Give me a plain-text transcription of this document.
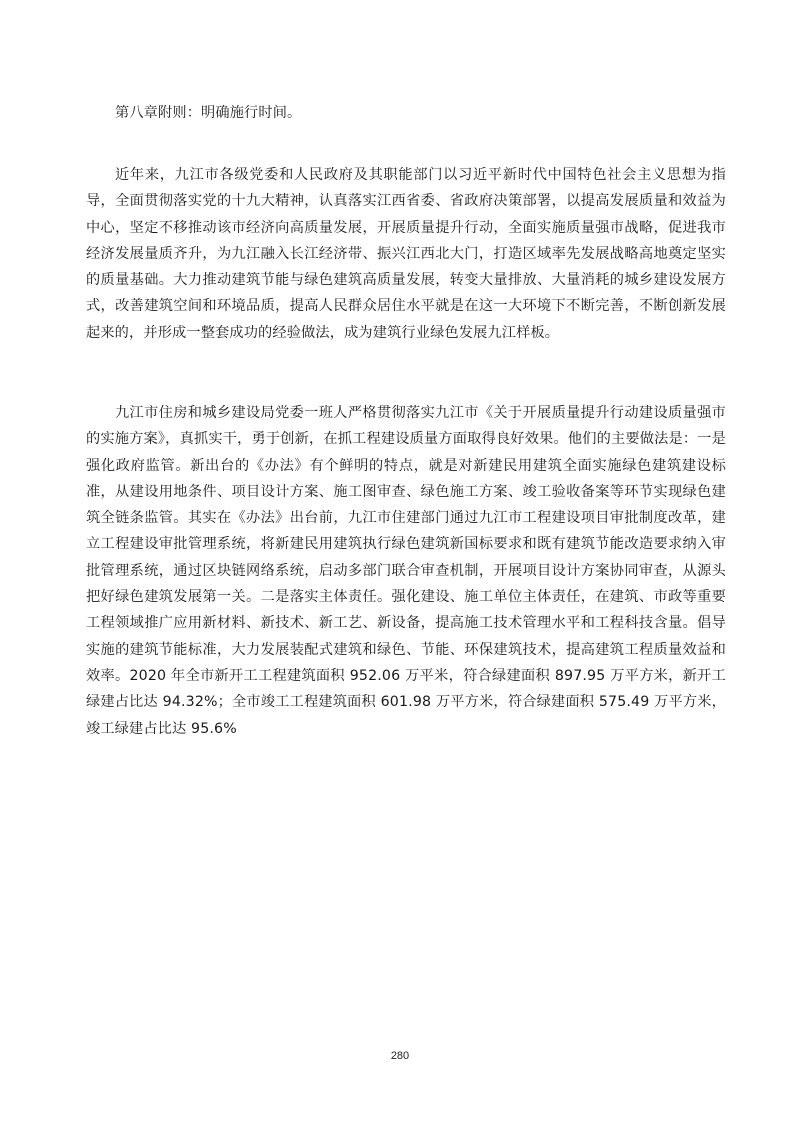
第八章附则：明确施行时间。

近年来，九江市各级党委和人民政府及其职能部门以习近平新时代中国特色社会主义思想为指导，全面贯彻落实党的十九大精神，认真落实江西省委、省政府决策部署，以提高发展质量和效益为中心，坚定不移推动该市经济向高质量发展，开展质量提升行动，全面实施质量强市战略，促进我市经济发展量质齐升，为九江融入长江经济带、振兴江西北大门，打造区域率先发展战略高地奠定坚实的质量基础。大力推动建筑节能与绿色建筑高质量发展，转变大量排放、大量消耗的城乡建设发展方式，改善建筑空间和环境品质，提高人民群众居住水平就是在这一大环境下不断完善，不断创新发展起来的，并形成一整套成功的经验做法，成为建筑行业绿色发展九江样板。

九江市住房和城乡建设局党委一班人严格贯彻落实九江市《关于开展质量提升行动建设质量强市的实施方案》，真抓实干，勇于创新，在抓工程建设质量方面取得良好效果。他们的主要做法是：一是强化政府监管。新出台的《办法》有个鲜明的特点，就是对新建民用建筑全面实施绿色建筑建设标准，从建设用地条件、项目设计方案、施工图审查、绿色施工方案、竣工验收备案等环节实现绿色建筑全链条监管。其实在《办法》出台前，九江市住建部门通过九江市工程建设项目审批制度改革，建立工程建设审批管理系统，将新建民用建筑执行绿色建筑新国标要求和既有建筑节能改造要求纳入审批管理系统，通过区块链网络系统，启动多部门联合审查机制，开展项目设计方案协同审查，从源头把好绿色建筑发展第一关。二是落实主体责任。强化建设、施工单位主体责任，在建筑、市政等重要工程领域推广应用新材料、新技术、新工艺、新设备，提高施工技术管理水平和工程科技含量。倡导实施的建筑节能标准，大力发展装配式建筑和绿色、节能、环保建筑技术，提高建筑工程质量效益和效率。2020 年全市新开工工程建筑面积 952.06 万平米，符合绿建面积 897.95 万平方米，新开工绿建占比达 94.32%；全市竣工工程建筑面积 601.98 万平方米，符合绿建面积 575.49 万平方米，竣工绿建占比达 95.6%

280
